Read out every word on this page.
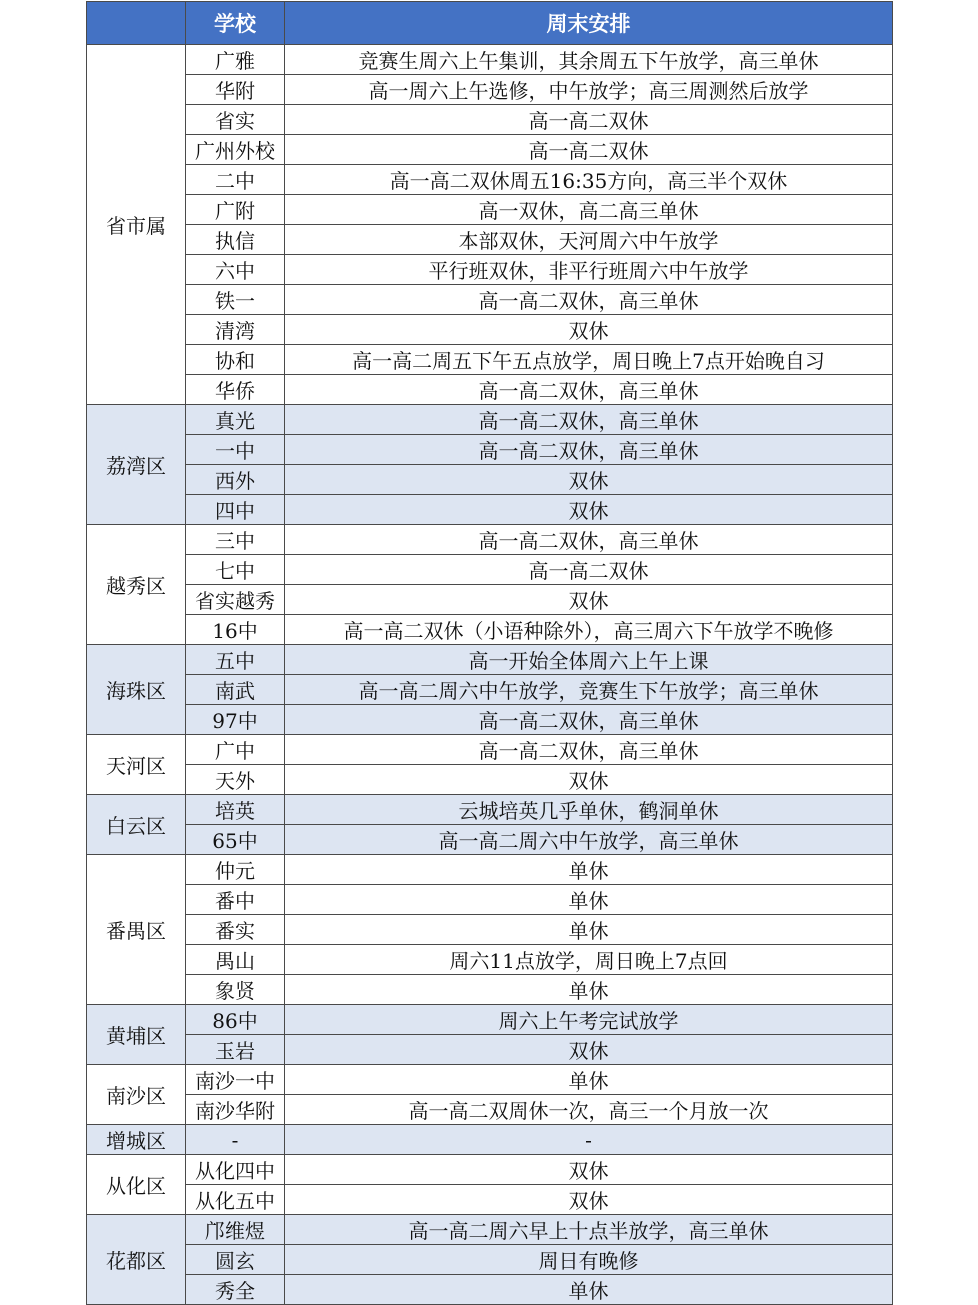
	学校	周末安排
省市属	广雅	竞赛生周六上午集训，其余周五下午放学，高三单休
	华附	高一周六上午选修，中午放学；高三周测然后放学
	省实	高一高二双休
	广州外校	高一高二双休
	二中	高一高二双休周五16:35方向，高三半个双休
	广附	高一双休，高二高三单休
	执信	本部双休，天河周六中午放学
	六中	平行班双休，非平行班周六中午放学
	铁一	高一高二双休，高三单休
	清湾	双休
	协和	高一高二周五下午五点放学，周日晚上7点开始晚自习
	华侨	高一高二双休，高三单休
荔湾区	真光	高一高二双休，高三单休
	一中	高一高二双休，高三单休
	西外	双休
	四中	双休
越秀区	三中	高一高二双休，高三单休
	七中	高一高二双休
	省实越秀	双休
	16中	高一高二双休（小语种除外），高三周六下午放学不晚修
海珠区	五中	高一开始全体周六上午上课
	南武	高一高二周六中午放学，竞赛生下午放学；高三单休
	97中	高一高二双休，高三单休
天河区	广中	高一高二双休，高三单休
	天外	双休
白云区	培英	云城培英几乎单休，鹤洞单休
	65中	高一高二周六中午放学，高三单休
番禺区	仲元	单休
	番中	单休
	番实	单休
	禺山	周六11点放学，周日晚上7点回
	象贤	单休
黄埔区	86中	周六上午考完试放学
	玉岩	双休
南沙区	南沙一中	单休
	南沙华附	高一高二双周休一次，高三一个月放一次
增城区	-	-
从化区	从化四中	双休
	从化五中	双休
花都区	邝维煜	高一高二周六早上十点半放学，高三单休
	圆玄	周日有晚修
	秀全	单休
